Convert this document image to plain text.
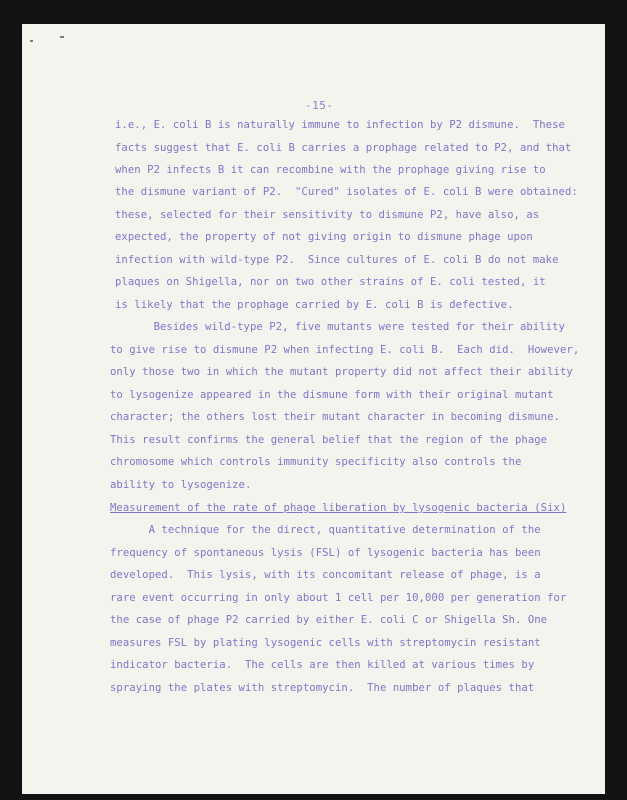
-15-
i.e., E. coli B is naturally immune to infection by P2 dismune.  These
facts suggest that E. coli B carries a prophage related to P2, and that
when P2 infects B it can recombine with the prophage giving rise to
the dismune variant of P2.  "Cured" isolates of E. coli B were obtained:
these, selected for their sensitivity to dismune P2, have also, as
expected, the property of not giving origin to dismune phage upon
infection with wild-type P2.  Since cultures of E. coli B do not make
plaques on Shigella, nor on two other strains of E. coli tested, it
is likely that the prophage carried by E. coli B is defective.
Besides wild-type P2, five mutants were tested for their ability
to give rise to dismune P2 when infecting E. coli B.  Each did.  However,
only those two in which the mutant property did not affect their ability
to lysogenize appeared in the dismune form with their original mutant
character; the others lost their mutant character in becoming dismune.
This result confirms the general belief that the region of the phage
chromosome which controls immunity specificity also controls the
ability to lysogenize.
Measurement of the rate of phage liberation by lysogenic bacteria (Six)
A technique for the direct, quantitative determination of the
frequency of spontaneous lysis (FSL) of lysogenic bacteria has been
developed.  This lysis, with its concomitant release of phage, is a
rare event occurring in only about 1 cell per 10,000 per generation for
the case of phage P2 carried by either E. coli C or Shigella Sh. One
measures FSL by plating lysogenic cells with streptomycin resistant
indicator bacteria.  The cells are then killed at various times by
spraying the plates with streptomycin.  The number of plaques that
